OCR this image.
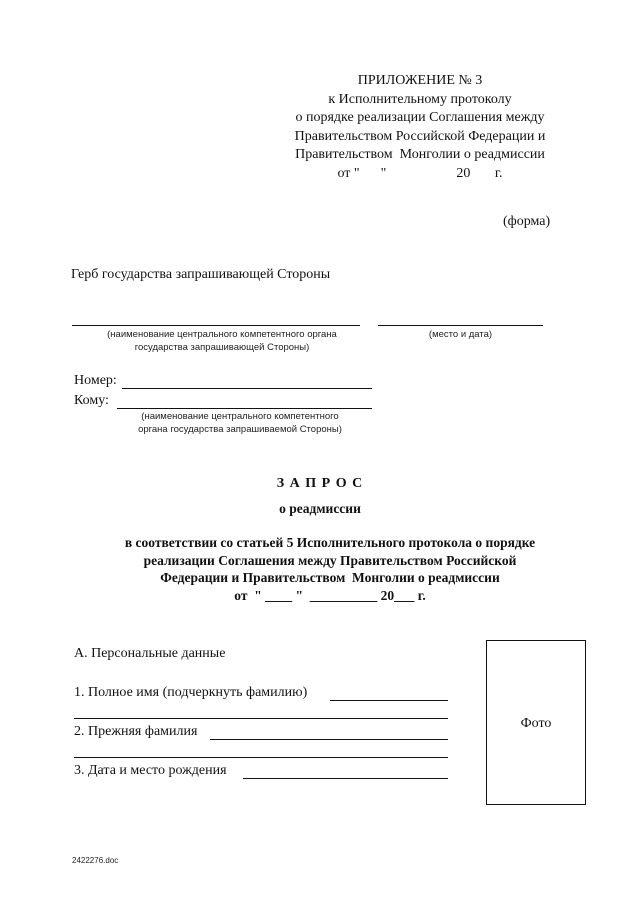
ПРИЛОЖЕНИЕ № 3
к Исполнительному протоколу
о порядке реализации Соглашения между
Правительством Российской Федерации и
Правительством  Монголии о реадмиссии
от "      "                    20       г.
(форма)
Герб государства запрашивающей Стороны
(наименование центрального компетентного органа
государства запрашивающей Стороны)
(место и дата)
Номер:
Кому:
(наименование центрального компетентного
органа государства запрашиваемой Стороны)
З А П Р О С
о реадмиссии
в соответствии со статьей 5 Исполнительного протокола о порядке
реализации Соглашения между Правительством Российской
Федерации и Правительством  Монголии о реадмиссии
от  " ____ "  __________ 20___ г.
А. Персональные данные
1. Полное имя (подчеркнуть фамилию)
2. Прежняя фамилия
3. Дата и место рождения
Фото
2422276.doc
